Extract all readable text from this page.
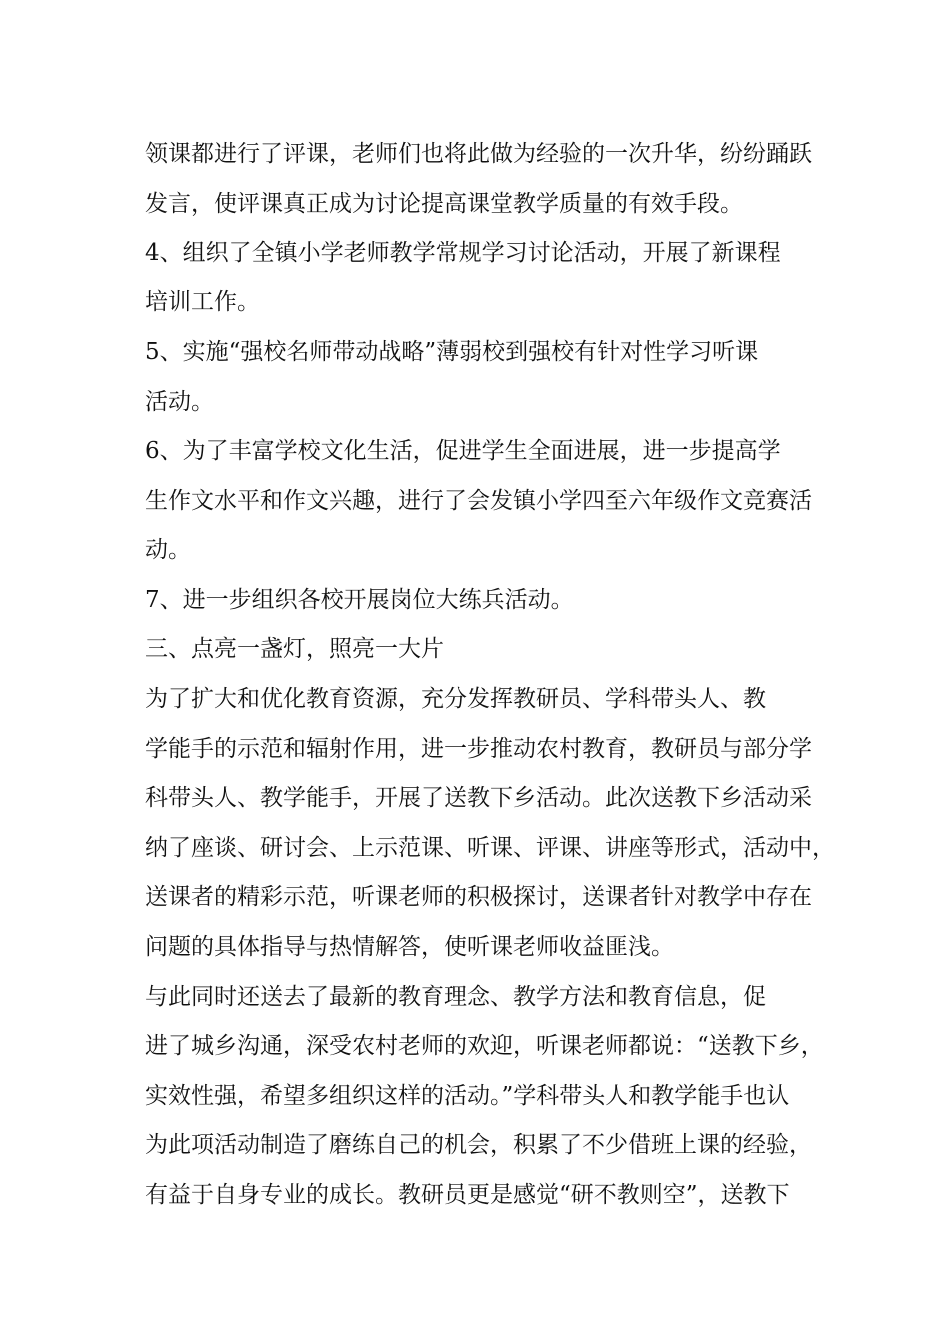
领课都进行了评课，老师们也将此做为经验的一次升华，纷纷踊跃
发言，使评课真正成为讨论提高课堂教学质量的有效手段。
4、组织了全镇小学老师教学常规学习讨论活动，开展了新课程
培训工作。
5、实施“强校名师带动战略”薄弱校到强校有针对性学习听课
活动。
6、为了丰富学校文化生活，促进学生全面进展，进一步提高学
生作文水平和作文兴趣，进行了会发镇小学四至六年级作文竞赛活
动。
7、进一步组织各校开展岗位大练兵活动。
三、点亮一盏灯，照亮一大片
为了扩大和优化教育资源，充分发挥教研员、学科带头人、教
学能手的示范和辐射作用，进一步推动农村教育，教研员与部分学
科带头人、教学能手，开展了送教下乡活动。此次送教下乡活动采
纳了座谈、研讨会、上示范课、听课、评课、讲座等形式，活动中，
送课者的精彩示范，听课老师的积极探讨，送课者针对教学中存在
问题的具体指导与热情解答，使听课老师收益匪浅。
与此同时还送去了最新的教育理念、教学方法和教育信息，促
进了城乡沟通，深受农村老师的欢迎，听课老师都说：“送教下乡，
实效性强，希望多组织这样的活动。”学科带头人和教学能手也认
为此项活动制造了磨练自己的机会，积累了不少借班上课的经验，
有益于自身专业的成长。教研员更是感觉“研不教则空”，送教下
